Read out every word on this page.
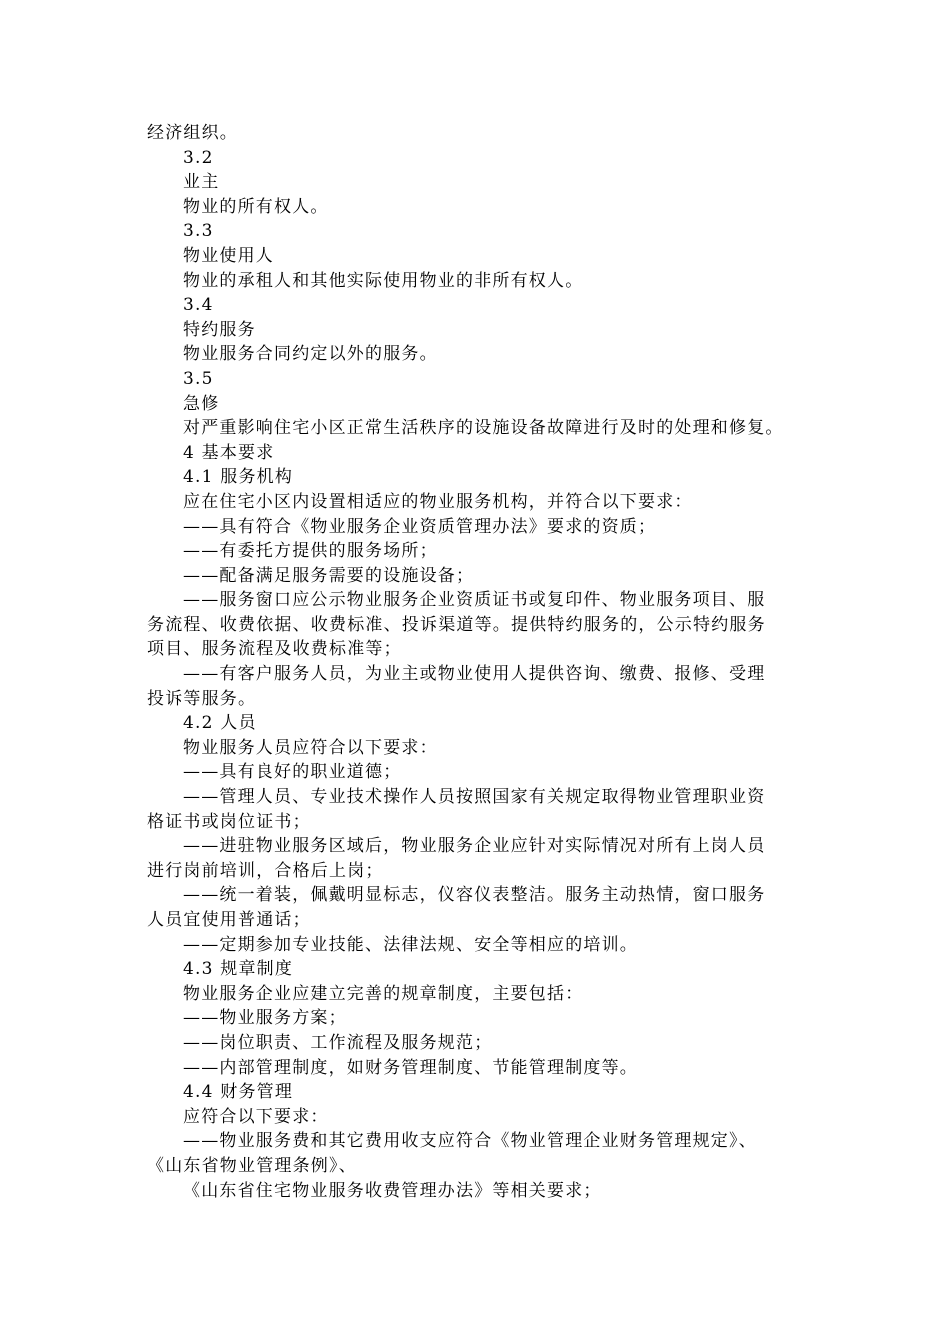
经济组织。
3.2
业主
物业的所有权人。
3.3
物业使用人
物业的承租人和其他实际使用物业的非所有权人。
3.4
特约服务
物业服务合同约定以外的服务。
3.5
急修
对严重影响住宅小区正常生活秩序的设施设备故障进行及时的处理和修复。
4 基本要求
4.1 服务机构
应在住宅小区内设置相适应的物业服务机构，并符合以下要求：
——具有符合《物业服务企业资质管理办法》要求的资质；
——有委托方提供的服务场所；
——配备满足服务需要的设施设备；
——服务窗口应公示物业服务企业资质证书或复印件、物业服务项目、服
务流程、收费依据、收费标准、投诉渠道等。提供特约服务的，公示特约服务
项目、服务流程及收费标准等；
——有客户服务人员，为业主或物业使用人提供咨询、缴费、报修、受理
投诉等服务。
4.2 人员
物业服务人员应符合以下要求：
——具有良好的职业道德；
——管理人员、专业技术操作人员按照国家有关规定取得物业管理职业资
格证书或岗位证书；
——进驻物业服务区域后，物业服务企业应针对实际情况对所有上岗人员
进行岗前培训，合格后上岗；
——统一着装，佩戴明显标志，仪容仪表整洁。服务主动热情，窗口服务
人员宜使用普通话；
——定期参加专业技能、法律法规、安全等相应的培训。
4.3 规章制度
物业服务企业应建立完善的规章制度，主要包括：
——物业服务方案；
——岗位职责、工作流程及服务规范；
——内部管理制度，如财务管理制度、节能管理制度等。
4.4 财务管理
应符合以下要求：
——物业服务费和其它费用收支应符合《物业管理企业财务管理规定》、
《山东省物业管理条例》、
《山东省住宅物业服务收费管理办法》等相关要求；
